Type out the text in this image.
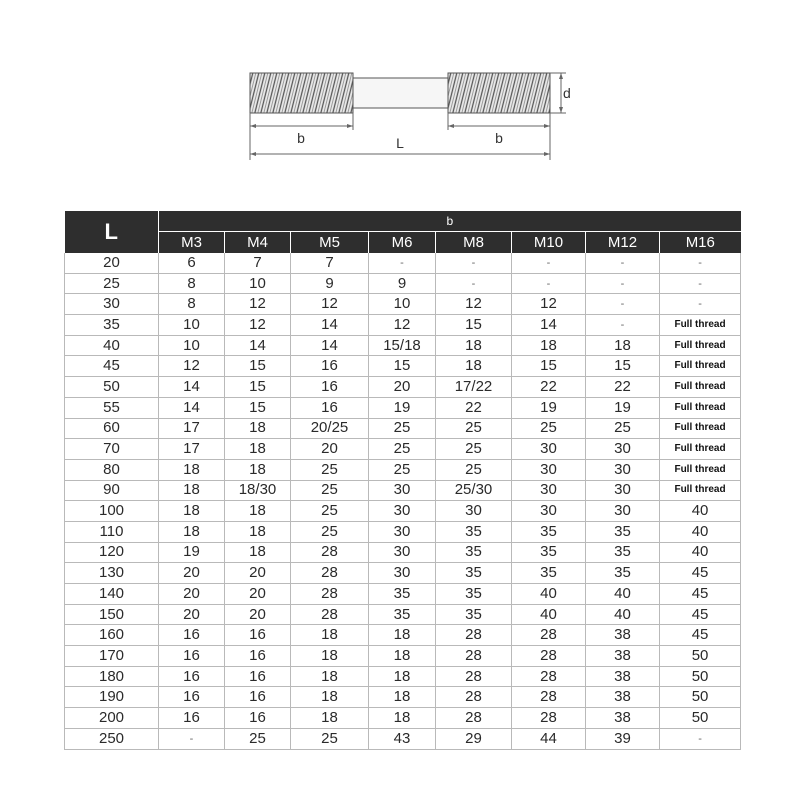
b	b
L
d
L	b							
	M3	M4	M5	M6	M8	M10	M12	M16
20	6	7	7	-	-	-	-	-
25	8	10	9	9	-	-	-	-
30	8	12	12	10	12	12	-	-
35	10	12	14	12	15	14	-	Full thread
40	10	14	14	15/18	18	18	18	Full thread
45	12	15	16	15	18	15	15	Full thread
50	14	15	16	20	17/22	22	22	Full thread
55	14	15	16	19	22	19	19	Full thread
60	17	18	20/25	25	25	25	25	Full thread
70	17	18	20	25	25	30	30	Full thread
80	18	18	25	25	25	30	30	Full thread
90	18	18/30	25	30	25/30	30	30	Full thread
100	18	18	25	30	30	30	30	40
110	18	18	25	30	35	35	35	40
120	19	18	28	30	35	35	35	40
130	20	20	28	30	35	35	35	45
140	20	20	28	35	35	40	40	45
150	20	20	28	35	35	40	40	45
160	16	16	18	18	28	28	38	45
170	16	16	18	18	28	28	38	50
180	16	16	18	18	28	28	38	50
190	16	16	18	18	28	28	38	50
200	16	16	18	18	28	28	38	50
250	-	25	25	43	29	44	39	-
